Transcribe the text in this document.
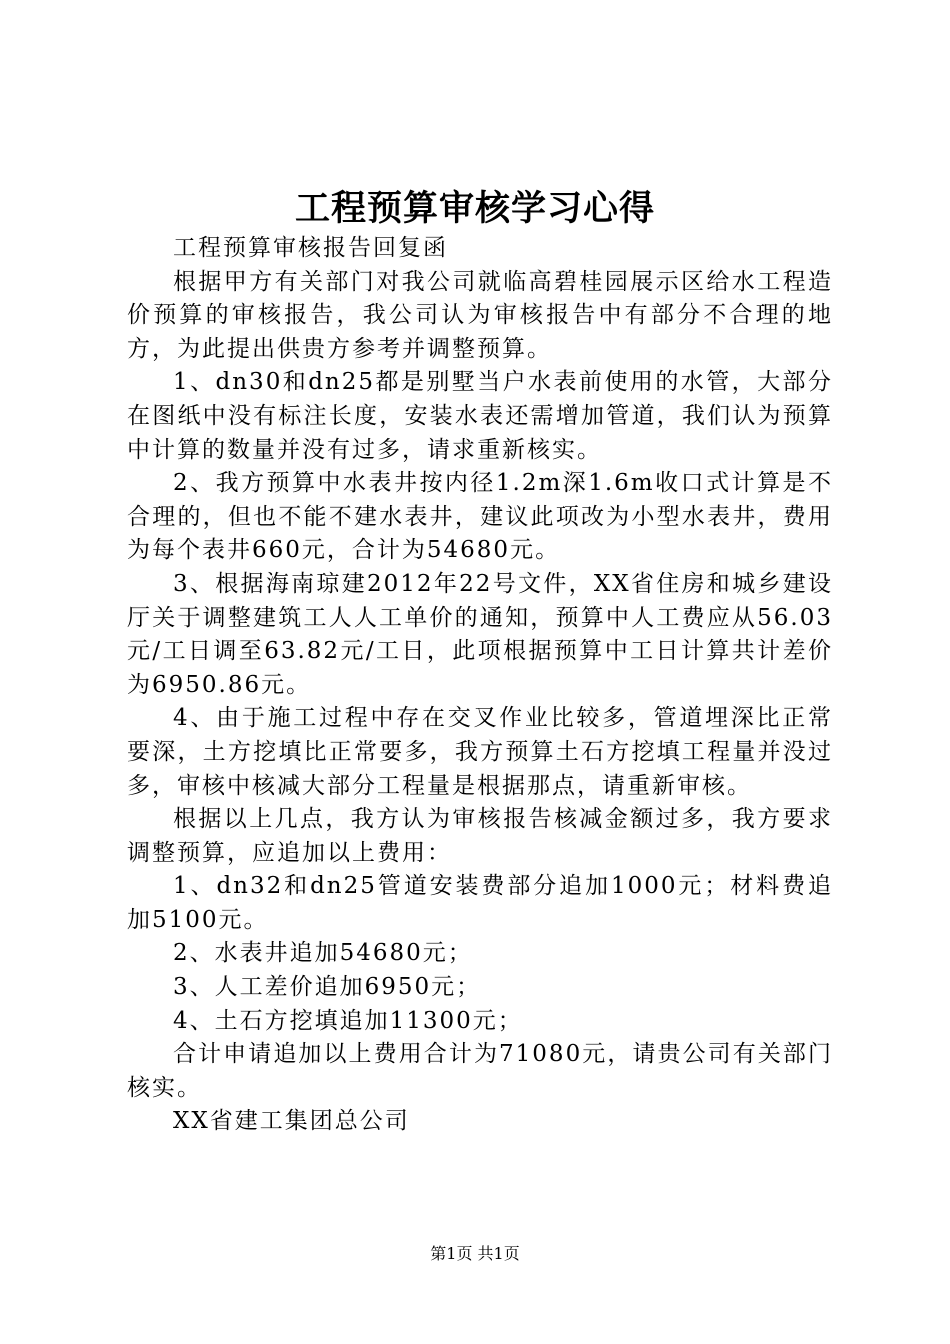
工程预算审核学习心得

工程预算审核报告回复函

根据甲方有关部门对我公司就临高碧桂园展示区给水工程造价预算的审核报告，我公司认为审核报告中有部分不合理的地方，为此提出供贵方参考并调整预算。

1、dn30和dn25都是别墅当户水表前使用的水管，大部分在图纸中没有标注长度，安装水表还需增加管道，我们认为预算中计算的数量并没有过多，请求重新核实。

2、我方预算中水表井按内径1.2m深1.6m收口式计算是不合理的，但也不能不建水表井，建议此项改为小型水表井，费用为每个表井660元，合计为54680元。

3、根据海南琼建2012年22号文件，XX省住房和城乡建设厅关于调整建筑工人人工单价的通知，预算中人工费应从56.03元/工日调至63.82元/工日，此项根据预算中工日计算共计差价为6950.86元。

4、由于施工过程中存在交叉作业比较多，管道埋深比正常要深，土方挖填比正常要多，我方预算土石方挖填工程量并没过多，审核中核减大部分工程量是根据那点，请重新审核。

根据以上几点，我方认为审核报告核减金额过多，我方要求调整预算，应追加以上费用：

1、dn32和dn25管道安装费部分追加1000元；材料费追加5100元。

2、水表井追加54680元；

3、人工差价追加6950元；

4、土石方挖填追加11300元；

合计申请追加以上费用合计为71080元，请贵公司有关部门核实。

XX省建工集团总公司

第1页 共1页
